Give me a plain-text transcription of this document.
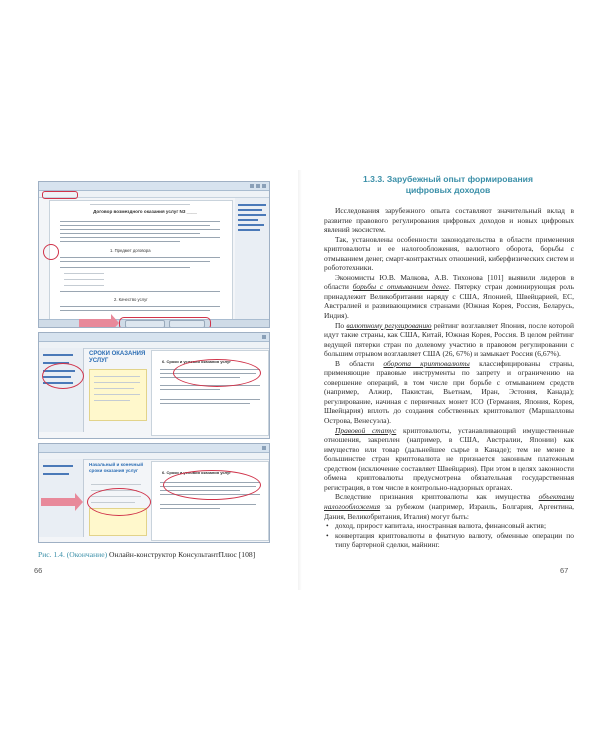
Договор возмездного оказания услуг N3 ____
1. Предмет договора
2. Качество услуг
СРОКИ ОКАЗАНИЯ УСЛУГ	6. Сроки и условия оказания услуг
Начальный и конечный сроки оказания услуг	6. Сроки и условия оказания услуг
Рис. 1.4. (Окончание) Онлайн-конструктор КонсультантПлюс [108]
66
1.3.3. Зарубежный опыт формирования
цифровых доходов

Исследования зарубежного опыта составляют значительный вклад в развитие правового регулирования цифровых доходов и новых цифровых явлений экосистем.

Так, установлены особенности законодательства в области применения криптовалюты и ее налогообложения, валютного оборота, борьбы с отмыванием денег, смарт-контрактных отношений, киберфизических систем и робототехники.

Экономисты Ю.В. Малкова, А.В. Тихонова [101] выявили лидеров в области борьбы с отмыванием денег. Пятерку стран доминирующая роль принадлежит Великобритании наряду с США, Японией, Швейцарией, ЕС, Австралией и развивающимися странами (Южная Корея, Россия, Беларусь, Индия).

По валютному регулированию рейтинг возглавляет Япония, после которой идут такие страны, как США, Китай, Южная Корея, Россия. В целом рейтинг ведущей пятерки стран по долевому участию в правовом регулировании с большим отрывом возглавляет США (26, 67%) и замыкает Россия (6,67%).

В области оборота криптовалюты классифицированы страны, применяющие правовые инструменты по запрету и ограничению на совершение операций, в том числе при борьбе с отмыванием средств (например, Алжир, Пакистан, Вьетнам, Иран, Эстония, Канада); регулирование, начиная с первичных монет ICO (Германия, Япония, Корея, Швейцария) вплоть до создания собственных криптовалют (Маршалловы Острова, Венесуэла).

Правовой статус криптовалюты, устанавливающий имущественные отношения, закреплен (например, в США, Австралии, Японии) как имущество или товар (дальнейшее сырье в Канаде); тем не менее в большинстве стран криптовалюта не признается законным платежным средством (исключение составляет Швейцария). При этом в целях законности обмена криптовалюты предусмотрена обязательная государственная регистрация, в том числе в контрольно-надзорных органах.

Вследствие признания криптовалюты как имущества объектами налогообложения за рубежом (например, Израиль, Болгария, Аргентина, Дания, Великобритания, Италия) могут быть:

• доход, прирост капитала, иностранная валюта, финансовый актив;
• конвертация криптовалюты в фиатную валюту, обменные операции по типу бартерной сделки, майнинг.
67
